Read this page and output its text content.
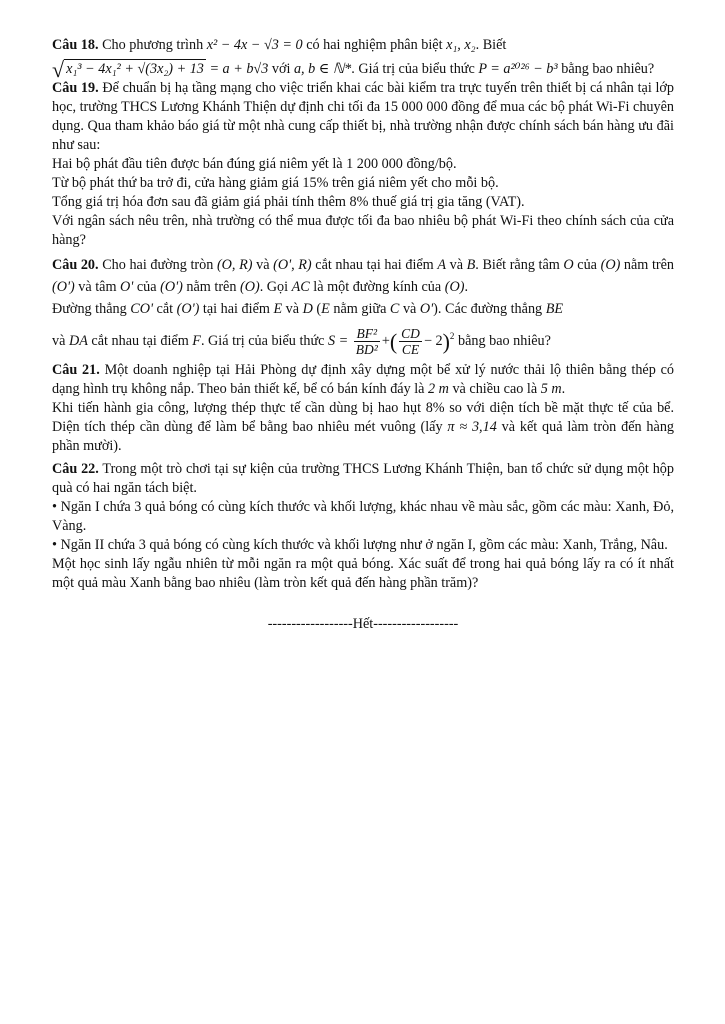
Câu 18. Cho phương trình x² − 4x − √3 = 0 có hai nghiệm phân biệt x₁, x₂. Biết

√ x₁³ − 4x₁² + √(3x₂) + 13 = a + b√3 với a, b ∈ ℕ*. Giá trị của biểu thức P = a²⁰²⁶ − b³ bằng bao nhiêu?

Câu 19. Để chuẩn bị hạ tầng mạng cho việc triển khai các bài kiểm tra trực tuyến trên thiết bị cá nhân tại lớp học, trường THCS Lương Khánh Thiện dự định chi tối đa 15 000 000 đồng để mua các bộ phát Wi-Fi chuyên dụng. Qua tham khảo báo giá từ một nhà cung cấp thiết bị, nhà trường nhận được chính sách bán hàng ưu đãi như sau:

Hai bộ phát đầu tiên được bán đúng giá niêm yết là 1 200 000 đồng/bộ.

Từ bộ phát thứ ba trở đi, cửa hàng giảm giá 15% trên giá niêm yết cho mỗi bộ.

Tổng giá trị hóa đơn sau đã giảm giá phải tính thêm 8% thuế giá trị gia tăng (VAT).

Với ngân sách nêu trên, nhà trường có thể mua được tối đa bao nhiêu bộ phát Wi-Fi theo chính sách của cửa hàng?

Câu 20. Cho hai đường tròn (O, R) và (O', R) cắt nhau tại hai điểm A và B. Biết rằng tâm O của (O) nằm trên (O') và tâm O' của (O') nằm trên (O). Gọi AC là một đường kính của (O).

Đường thẳng CO' cắt (O') tại hai điểm E và D (E nằm giữa C và O'). Các đường thẳng BE

và DA cắt nhau tại điểm F. Giá trị của biểu thức $S = \frac{\text{BF²}}{\text{BD²}}$ +( $\frac{CD}{CE} - 2)^2$ bằng bao nhiêu?

Câu 21. Một doanh nghiệp tại Hải Phòng dự định xây dựng một bể xử lý nước thải lộ thiên bằng thép có dạng hình trụ không nắp. Theo bản thiết kế, bể có bán kính đáy là 2 m và chiều cao là 5 m.

Khi tiến hành gia công, lượng thép thực tế cần dùng bị hao hụt 8% so với diện tích bề mặt thực tế của bể. Diện tích thép cần dùng để làm bể bằng bao nhiêu mét vuông (lấy π ≈ 3,14 và kết quả làm tròn đến hàng phần mười).

Câu 22. Trong một trò chơi tại sự kiện của trường THCS Lương Khánh Thiện, ban tổ chức sử dụng một hộp quà có hai ngăn tách biệt.

• Ngăn I chứa 3 quả bóng có cùng kích thước và khối lượng, khác nhau về màu sắc, gồm các màu: Xanh, Đỏ, Vàng.

• Ngăn II chứa 3 quả bóng có cùng kích thước và khối lượng như ở ngăn I, gồm các màu: Xanh, Trắng, Nâu.

Một học sinh lấy ngẫu nhiên từ mỗi ngăn ra một quả bóng. Xác suất để trong hai quả bóng lấy ra có ít nhất một quả màu Xanh bằng bao nhiêu (làm tròn kết quả đến hàng phần trăm)?

------------------Hết------------------
